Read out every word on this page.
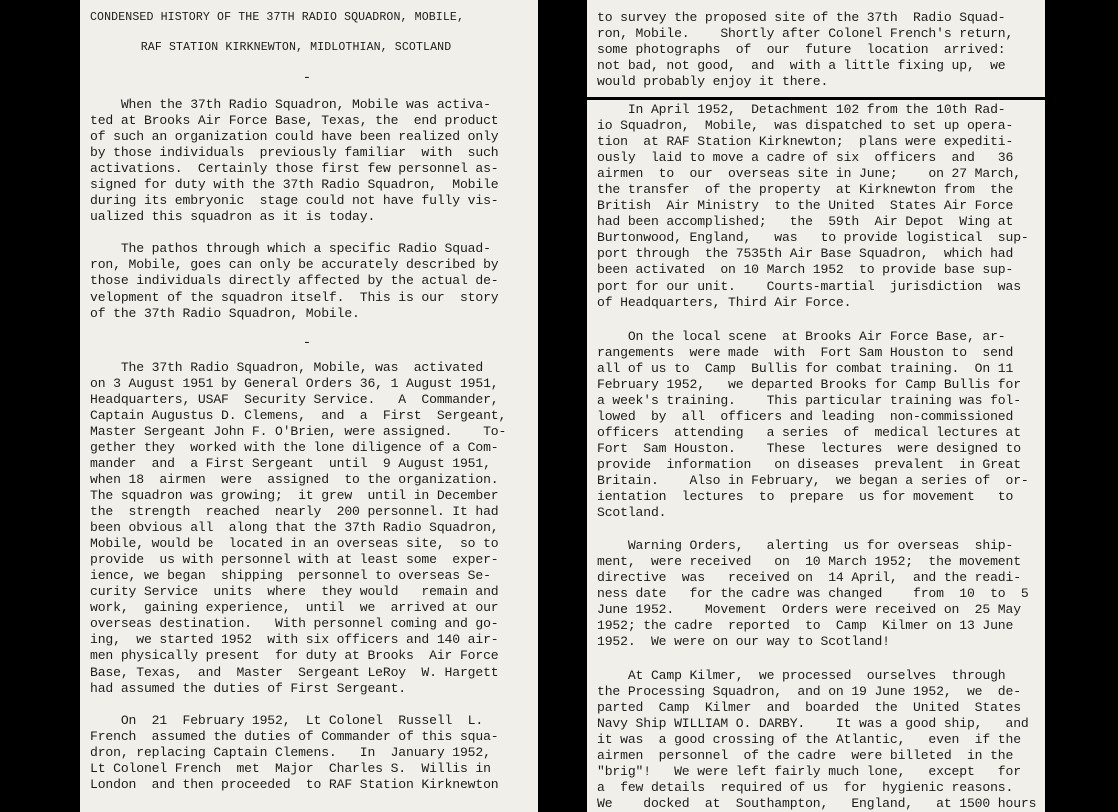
CONDENSED HISTORY OF THE 37TH RADIO SQUADRON, MOBILE,

RAF STATION KIRKNEWTON, MIDLOTHIAN, SCOTLAND

-

When the 37th Radio Squadron, Mobile was activa-
ted at Brooks Air Force Base, Texas, the  end product
of such an organization could have been realized only
by those individuals  previously familiar  with  such
activations.  Certainly those first few personnel as-
signed for duty with the 37th Radio Squadron,  Mobile
during its embryonic  stage could not have fully vis-
ualized this squadron as it is today.

The pathos through which a specific Radio Squad-
ron, Mobile, goes can only be accurately described by
those individuals directly affected by the actual de-
velopment of the squadron itself.  This is our  story
of the 37th Radio Squadron, Mobile.

-

The 37th Radio Squadron, Mobile, was  activated
on 3 August 1951 by General Orders 36, 1 August 1951,
Headquarters, USAF  Security Service.   A  Commander,
Captain Augustus D. Clemens,  and  a  First  Sergeant,
Master Sergeant John F. O'Brien, were assigned.    To-
gether they  worked with the lone diligence of a Com-
mander  and  a First Sergeant  until  9 August 1951,
when 18  airmen  were  assigned  to the organization.
The squadron was growing;  it grew  until in December
the  strength  reached  nearly  200 personnel. It had
been obvious all  along that the 37th Radio Squadron,
Mobile, would be  located in an overseas site,  so to
provide  us with personnel with at least some  exper-
ience, we began  shipping  personnel to overseas Se-
curity Service  units  where  they would   remain and
work,  gaining experience,  until  we  arrived at our
overseas destination.   With personnel coming and go-
ing,  we started 1952  with six officers and 140 air-
men physically present  for duty at Brooks  Air Force
Base, Texas,  and  Master  Sergeant LeRoy  W. Hargett
had assumed the duties of First Sergeant.

On  21  February 1952,  Lt Colonel  Russell  L.
French  assumed the duties of Commander of this squa-
dron, replacing Captain Clemens.   In  January 1952,
Lt Colonel French  met  Major  Charles S.  Willis in
London  and then proceeded  to RAF Station Kirknewton

to survey the proposed site of the 37th  Radio Squad-
ron, Mobile.    Shortly after Colonel French's return,
some photographs  of  our  future  location  arrived:
not bad, not good,  and  with a little fixing up,  we
would probably enjoy it there.

In April 1952,  Detachment 102 from the 10th Rad-
io Squadron,  Mobile,  was dispatched to set up opera-
tion  at RAF Station Kirknewton;  plans were expediti-
ously  laid to move a cadre of six  officers  and   36
airmen  to  our  overseas site in June;    on 27 March,
the transfer  of the property  at Kirknewton from  the
British  Air Ministry  to the United  States Air Force
had been accomplished;   the  59th  Air Depot  Wing at
Burtonwood, England,   was   to provide logistical  sup-
port through  the 7535th Air Base Squadron,  which had
been activated  on 10 March 1952  to provide base sup-
port for our unit.    Courts-martial  jurisdiction  was
of Headquarters, Third Air Force.

On the local scene  at Brooks Air Force Base, ar-
rangements  were made  with  Fort Sam Houston to  send
all of us to  Camp  Bullis for combat training.  On 11
February 1952,   we departed Brooks for Camp Bullis for
a week's training.    This particular training was fol-
lowed  by  all  officers and leading  non-commissioned
officers  attending   a series  of  medical lectures at
Fort  Sam Houston.    These  lectures  were designed to
provide  information   on diseases  prevalent  in Great
Britain.    Also in February,  we began a series of  or-
ientation  lectures  to  prepare  us for movement   to
Scotland.

Warning Orders,   alerting  us for overseas  ship-
ment,  were received   on  10 March 1952;  the movement
directive  was   received on  14 April,  and the readi-
ness date   for the cadre was changed    from  10  to  5
June 1952.    Movement  Orders were received on  25 May
1952; the cadre  reported  to  Camp  Kilmer on 13 June
1952.  We were on our way to Scotland!

At Camp Kilmer,  we processed  ourselves  through
the Processing Squadron,  and on 19 June 1952,  we  de-
parted  Camp  Kilmer  and  boarded  the  United  States
Navy Ship WILLIAM O. DARBY.    It was a good ship,   and
it was  a good crossing of the Atlantic,   even  if the
airmen  personnel  of the cadre  were billeted  in the
"brig"!   We were left fairly much lone,   except   for
a  few details  required of us  for  hygienic reasons.
We    docked  at  Southampton,   England,   at 1500 hours
